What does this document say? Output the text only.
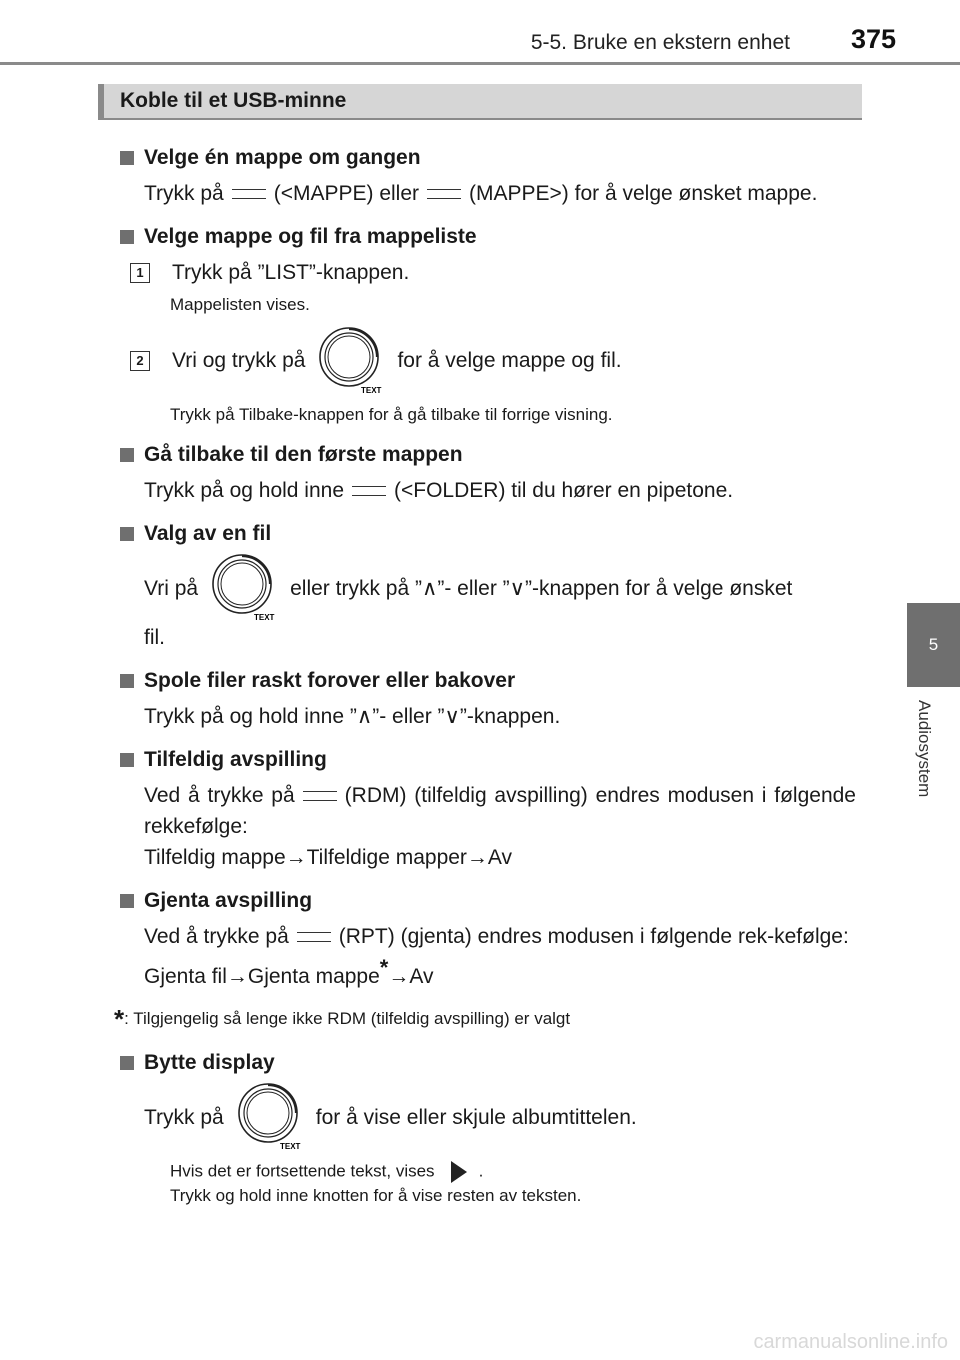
5-5. Bruke en ekstern enhet 375
5
Audiosystem
Koble til et USB-minne
Velge én mappe om gangen
Trykk på (<MAPPE) eller (MAPPE>) for å velge ønsket mappe.
Velge mappe og fil fra mappeliste
1	Trykk på ”LIST”-knappen.
Mappelisten vises.
2	Vri og trykk på
TEXT
for å velge mappe og fil.
Trykk på Tilbake-knappen for å gå tilbake til forrige visning.
Gå tilbake til den første mappen
Trykk på og hold inne (<FOLDER) til du hører en pipetone.
Valg av en fil
Vri på
TEXT
eller trykk på ”∧”- eller ”∨”-knappen for å velge ønsket
fil.
Spole filer raskt forover eller bakover
Trykk på og hold inne ”∧”- eller ”∨”-knappen.
Tilfeldig avspilling
Ved å trykke på (RDM) (tilfeldig avspilling) endres modusen i følgende rekkefølge:
Tilfeldig mappe→Tilfeldige mapper→Av
Gjenta avspilling
Ved å trykke på (RPT) (gjenta) endres modusen i følgende rek-kefølge:
Gjenta fil→Gjenta mappe*→Av
*: Tilgjengelig så lenge ikke RDM (tilfeldig avspilling) er valgt
Bytte display
Trykk på
TEXT
for å vise eller skjule albumtittelen.
Hvis det er fortsettende tekst, vises	.
Trykk og hold inne knotten for å vise resten av teksten.
carmanualsonline.info
